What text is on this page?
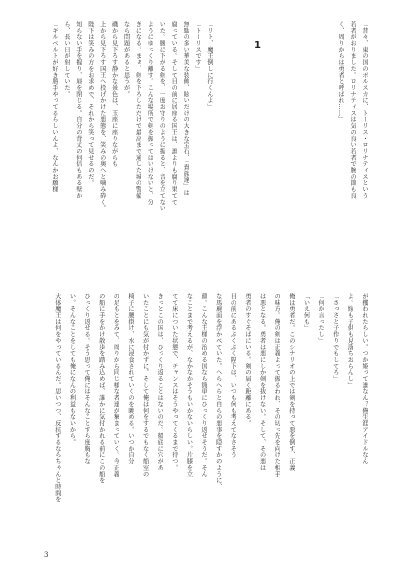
1	「昔々、東の国のボルスカに、トーリス・ロリナティスという
若者がおりました。ロリナティスは気の良い若者で腕の節も良
く、周りからは勇者と呼ばれ……」
「リト、魔王倒しに行くんよ」
「トーリスです」
無駄の多い華美な装飾、眩いだけの大きな宝石、「貴族達」は
腐っている。そして目の前に居座る国王は、誰よりも腐り果てて
いた。腰に下がる剣を、一度お守りのように握ると、音を立てない
ようにゆっくり離す。こんな場所で剣を振ってはいけないと、分
ぎになる。まぁ、剣を下ろしただけで最高まで通した城の警備
なら問題があると思うが。
磯から見下ろす静かな景色は、玉座に座りながらも
上から見下ろす国王へ投げかけた悪態を、笑みの奥へと噛み砕く。
陛下は笑みの方をお求めで、それから笑って見せるのだ。
知らない手を握り、唇を閉じる。自分の背丈の何倍もある壁か
ら、長い日が射していた。
「ギルベルトが好き勝手やってるらしいんよ、なんかお願様
が攫われたらしい。つか姫って誰なん？俺生涯アイドルなん
よ。嫁も子供も見落ちおらんし」
「さっさと子作りでもしてろ」
「何か言ったし」
「いえ何も」
俺は勇者だ。このシナリオの上では剣を持って悪を倒す、正義
の味方。俺の剣は正義よって振るわれ、その切っ先を向けた相手
は悪となる。勇者は悪にしか剣を抜けない。そして、その悪は
勇者のすぐそばにいる。剣の届く距離にある。
目の前にあるぶくぶく陛下は、いつも何も考えてなさそう
な馬鹿面を浮かべていた。へらへらと自らの悪事を隠すかのように、
顔。こんな王様の治める国なら簡単にひっくり返せそうだ。そん
なことまで考えるが、なかなかそうもいかないらしい。片膝を立
てて床についた状態で、チャンスはそうやってくるまで待つ。
きっとこの国は、ひっくり返ることはないのだ。船底に穴があ
いたことにも気が付かずに。そして俺は何をするでもなく船室の
椅子に腰掛け、水に浸食されていくのを眺める。いつか自分
の足もとをみて、周りから同じ様な者達が集まっていく。今正義
の船に手をかけ散歩を踏み込めば、誰かに気付かれる前にこの船を
ひっくり返せる。そう思って俺にはそんなことすら度胸もな
い。そんなことをしても俺になんの利益もないから。
大体魔王は何をやっているんだ。思いつつ、反抗するならちゃんと時間を
3
